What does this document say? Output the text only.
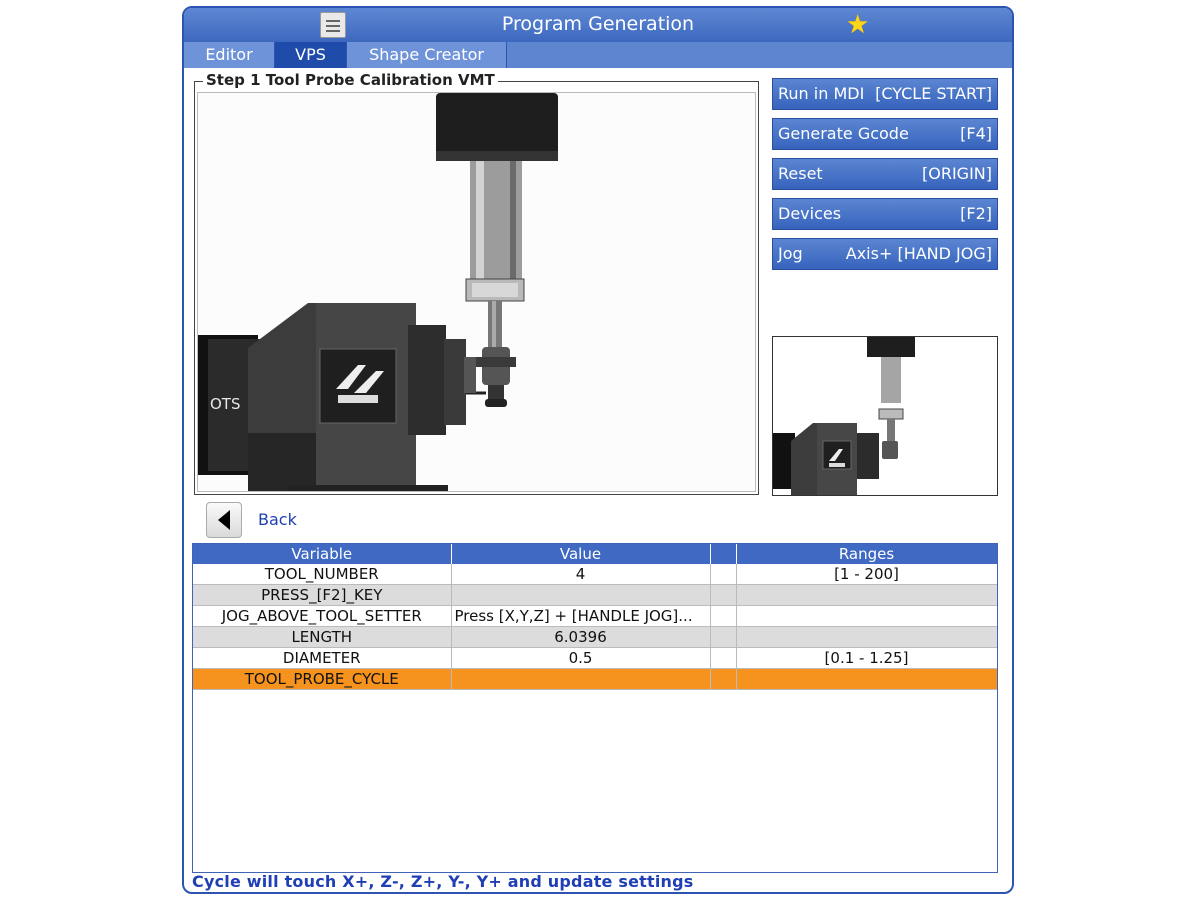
Program Generation	★
Editor	VPS	Shape Creator
Step 1 Tool Probe Calibration VMT
OTS
Run in MDI [CYCLE START]
Generate Gcode	[F4]
Reset	[ORIGIN]
Devices	[F2]
Jog	Axis+ [HAND JOG]
Back
Variable	Value		Ranges
TOOL_NUMBER	4		[1 - 200]
PRESS_[F2]_KEY			
JOG_ABOVE_TOOL_SETTER	Press [X,Y,Z] + [HANDLE JOG]...		
LENGTH	6.0396		
DIAMETER	0.5		[0.1 - 1.25]
TOOL_PROBE_CYCLE			
Cycle will touch X+, Z-, Z+, Y-, Y+ and update settings
